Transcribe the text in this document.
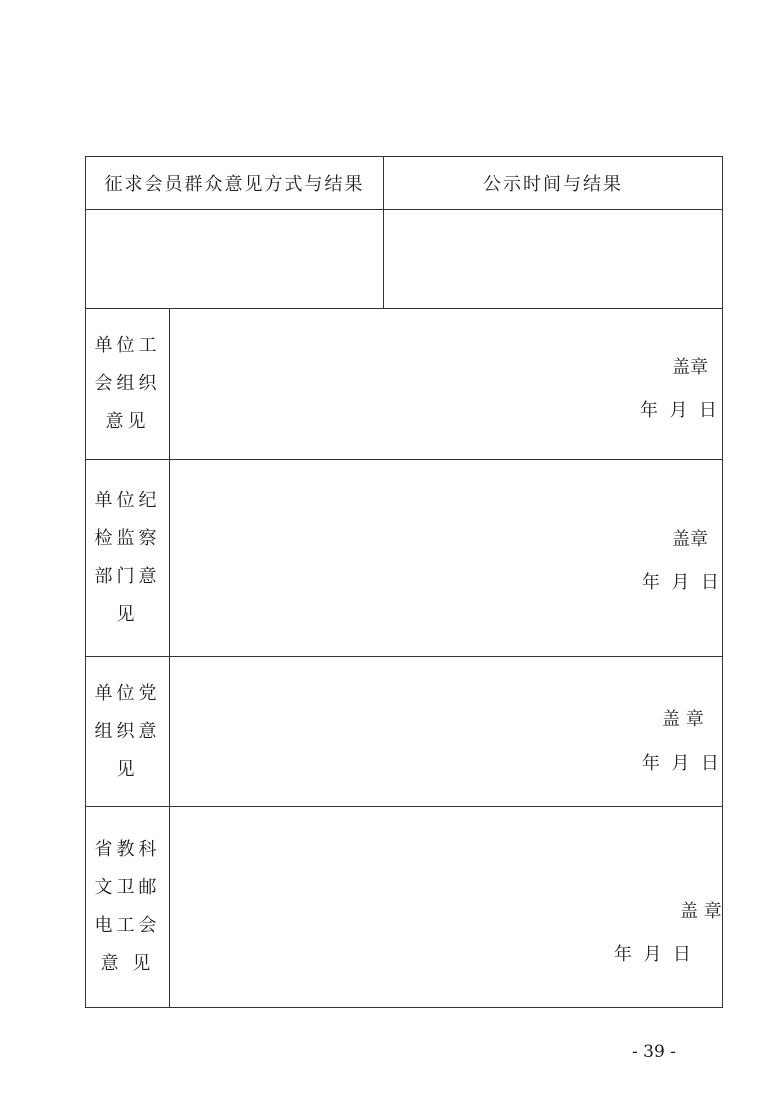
征求会员群众意见方式与结果	公示时间与结果
单位工
会组织
意见
盖章
年  月  日
单位纪
检监察
部门意
见
盖章
年  月  日
单位党
组织意
见
盖 章
年  月  日
省教科
文卫邮
电工会
意 见
盖 章
年  月  日
- 39 -
